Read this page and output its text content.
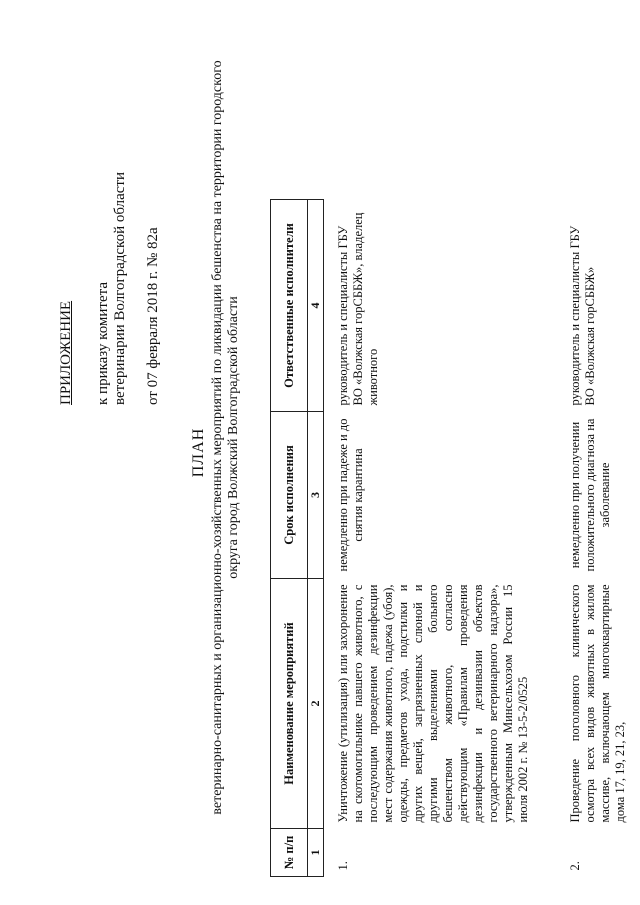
ПРИЛОЖЕНИЕ к приказу комитета ветеринарии Волгоградской области от 07 февраля 2018 г. № 82а
ПЛАН ветеринарно-санитарных и организационно-хозяйственных мероприятий по ликвидации бешенства на территории городского округа город Волжский Волгоградской области
№ п/п	Наименование мероприятий	Срок исполнения	Ответственные исполнители
1	2	3	4
1.	Уничтожение (утилизация) или захоронение на скотомогильнике павшего животного, с последующим проведением дезинфекции мест содержания животного, падежа (убоя), одежды, предметов ухода, подстилки и других вещей, загрязненных слюной и другими выделениями больного бешенством животного, согласно действующим «Правилам проведения дезинфекции и дезинвазии объектов государственного ветеринарного надзора», утвержденным Минсельхозом России 15 июля 2002 г. № 13-5-2/0525	немедленно при падеже и до снятия карантина	руководитель и специалисты ГБУ ВО «Волжская горСББЖ», владелец животного
2.	Проведение поголовного клинического осмотра всех видов животных в жилом массиве, включающем многоквартирные дома 17, 19, 21, 23,	немедленно при получении положительного диагноза на заболевание	руководитель и специалисты ГБУ ВО «Волжская горСББЖ»
